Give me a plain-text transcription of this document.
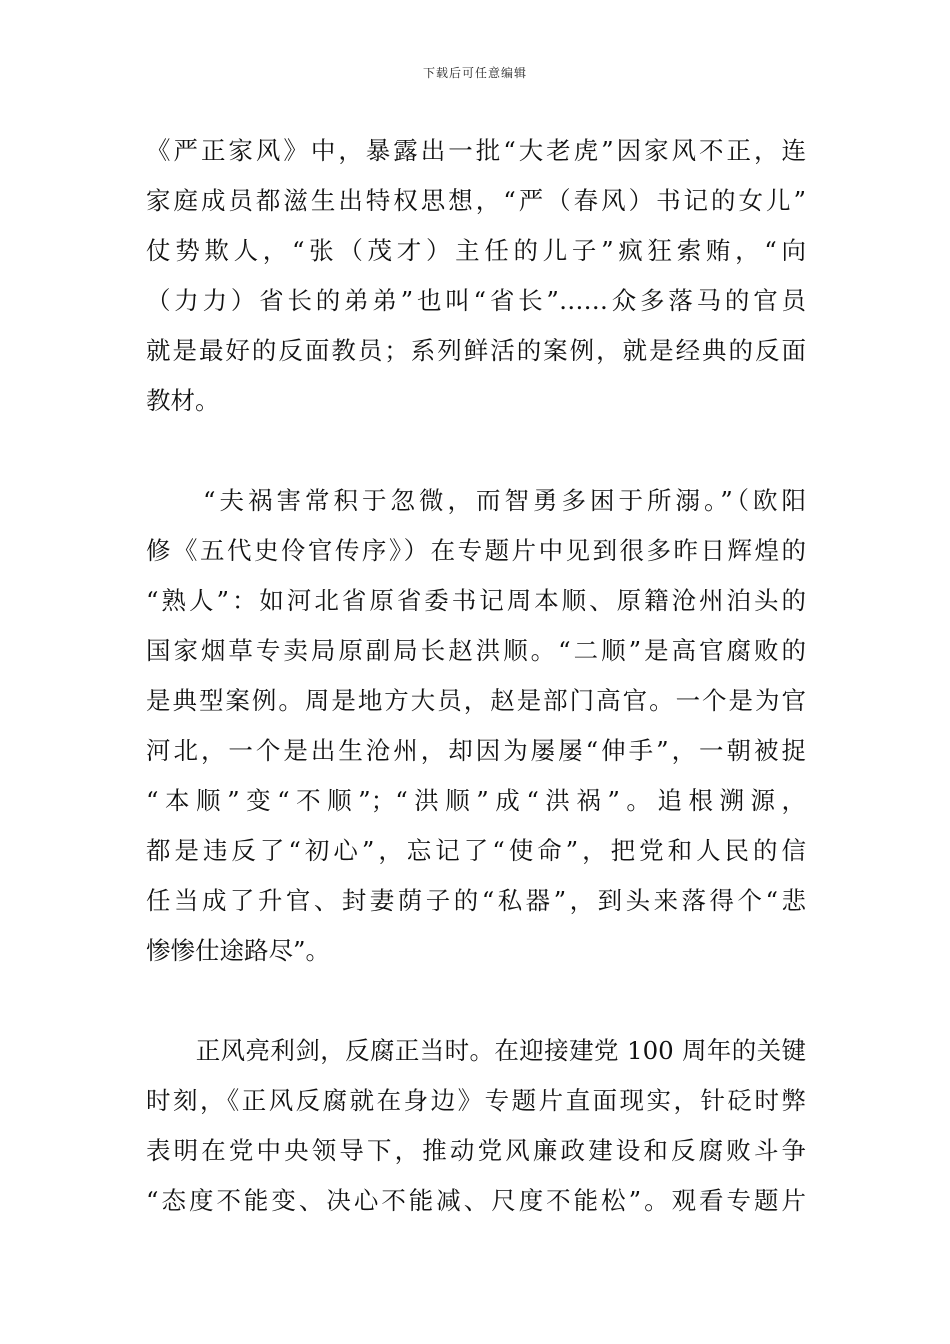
下载后可任意编辑
《严正家风》中，暴露出一批“大老虎”因家风不正，连
家庭成员都滋生出特权思想，“严（春风）书记的女儿”
仗势欺人，“张（茂才）主任的儿子”疯狂索贿，“向
（力力）省长的弟弟”也叫“省长”……众多落马的官员
就是最好的反面教员；系列鲜活的案例，就是经典的反面
教材。
　　“夫祸害常积于忽微，而智勇多困于所溺。”（欧阳
修《五代史伶官传序》）在专题片中见到很多昨日辉煌的
“熟人”：如河北省原省委书记周本顺、原籍沧州泊头的
国家烟草专卖局原副局长赵洪顺。“二顺”是高官腐败的
是典型案例。周是地方大员，赵是部门高官。一个是为官
河北，一个是出生沧州，却因为屡屡“伸手”，一朝被捉
“本顺”变“不顺”；“洪顺”成“洪祸”。追根溯源，
都是违反了“初心”，忘记了“使命”，把党和人民的信
任当成了升官、封妻荫子的“私器”，到头来落得个“悲
惨惨仕途路尽”。
　　正风亮利剑，反腐正当时。在迎接建党 100 周年的关键
时刻，《正风反腐就在身边》专题片直面现实，针砭时弊
表明在党中央领导下，推动党风廉政建设和反腐败斗争
“态度不能变、决心不能减、尺度不能松”。观看专题片
